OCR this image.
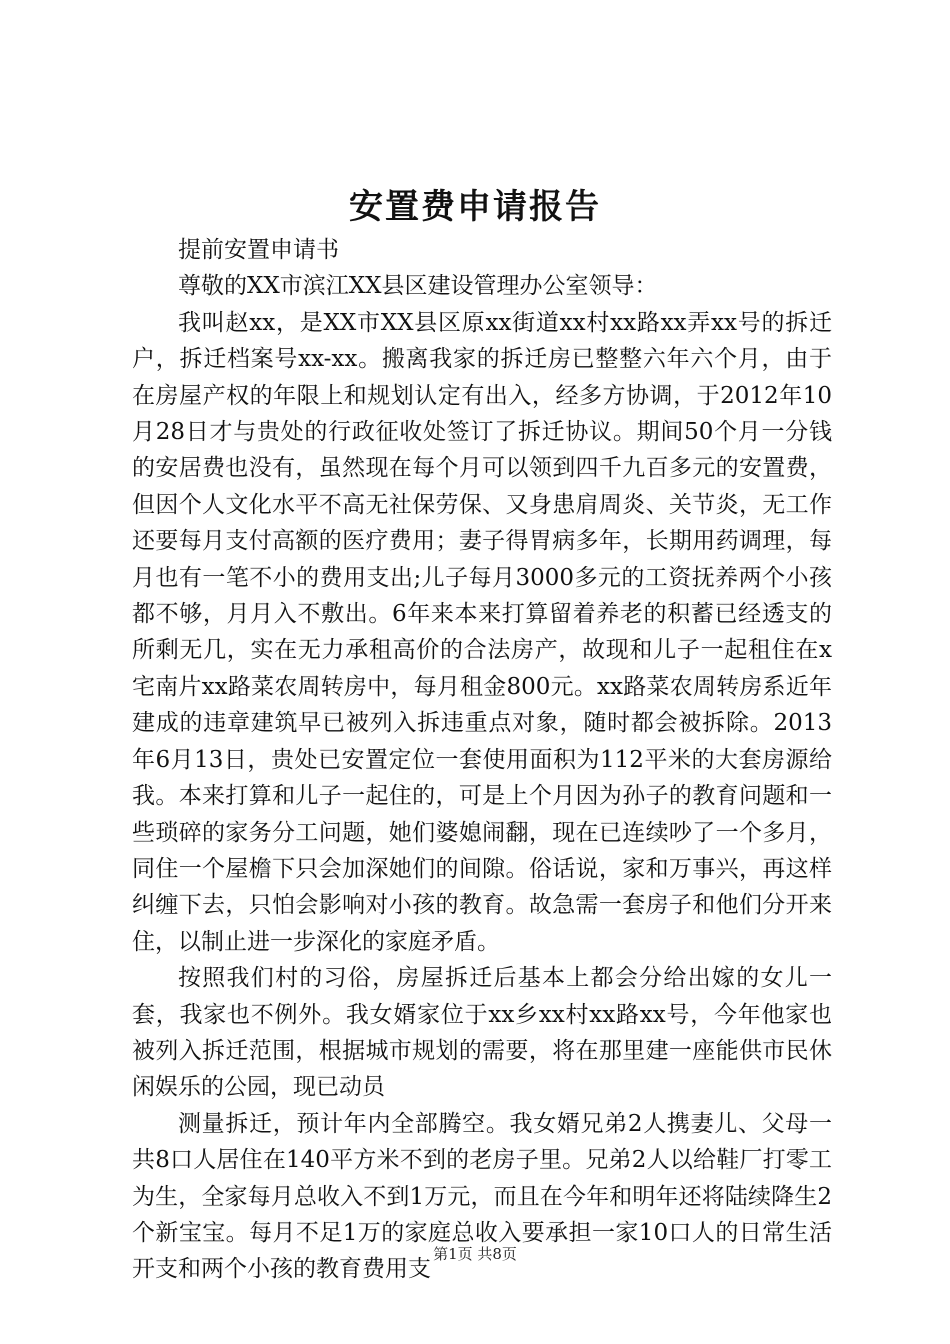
安置费申请报告

提前安置申请书

尊敬的XX市滨江XX县区建设管理办公室领导：

我叫赵xx，是XX市XX县区原xx街道xx村xx路xx弄xx号的拆迁户，拆迁档案号xx-xx。搬离我家的拆迁房已整整六年六个月，由于在房屋产权的年限上和规划认定有出入，经多方协调，于2012年10月28日才与贵处的行政征收处签订了拆迁协议。期间50个月一分钱的安居费也没有，虽然现在每个月可以领到四千九百多元的安置费，但因个人文化水平不高无社保劳保、又身患肩周炎、关节炎，无工作还要每月支付高额的医疗费用；妻子得胃病多年，长期用药调理，每月也有一笔不小的费用支出;儿子每月3000多元的工资抚养两个小孩都不够，月月入不敷出。6年来本来打算留着养老的积蓄已经透支的所剩无几，实在无力承租高价的合法房产，故现和儿子一起租住在x宅南片xx路菜农周转房中，每月租金800元。xx路菜农周转房系近年建成的违章建筑早已被列入拆违重点对象，随时都会被拆除。2013年6月13日，贵处已安置定位一套使用面积为112平米的大套房源给我。本来打算和儿子一起住的，可是上个月因为孙子的教育问题和一些琐碎的家务分工问题，她们婆媳闹翻，现在已连续吵了一个多月，同住一个屋檐下只会加深她们的间隙。俗话说，家和万事兴，再这样纠缠下去，只怕会影响对小孩的教育。故急需一套房子和他们分开来住，以制止进一步深化的家庭矛盾。

按照我们村的习俗，房屋拆迁后基本上都会分给出嫁的女儿一套，我家也不例外。我女婿家位于xx乡xx村xx路xx号，今年他家也被列入拆迁范围，根据城市规划的需要，将在那里建一座能供市民休闲娱乐的公园，现已动员

测量拆迁，预计年内全部腾空。我女婿兄弟2人携妻儿、父母一共8口人居住在140平方米不到的老房子里。兄弟2人以给鞋厂打零工为生，全家每月总收入不到1万元，而且在今年和明年还将陆续降生2个新宝宝。每月不足1万的家庭总收入要承担一家10口人的日常生活开支和两个小孩的教育费用支

第1页 共8页
